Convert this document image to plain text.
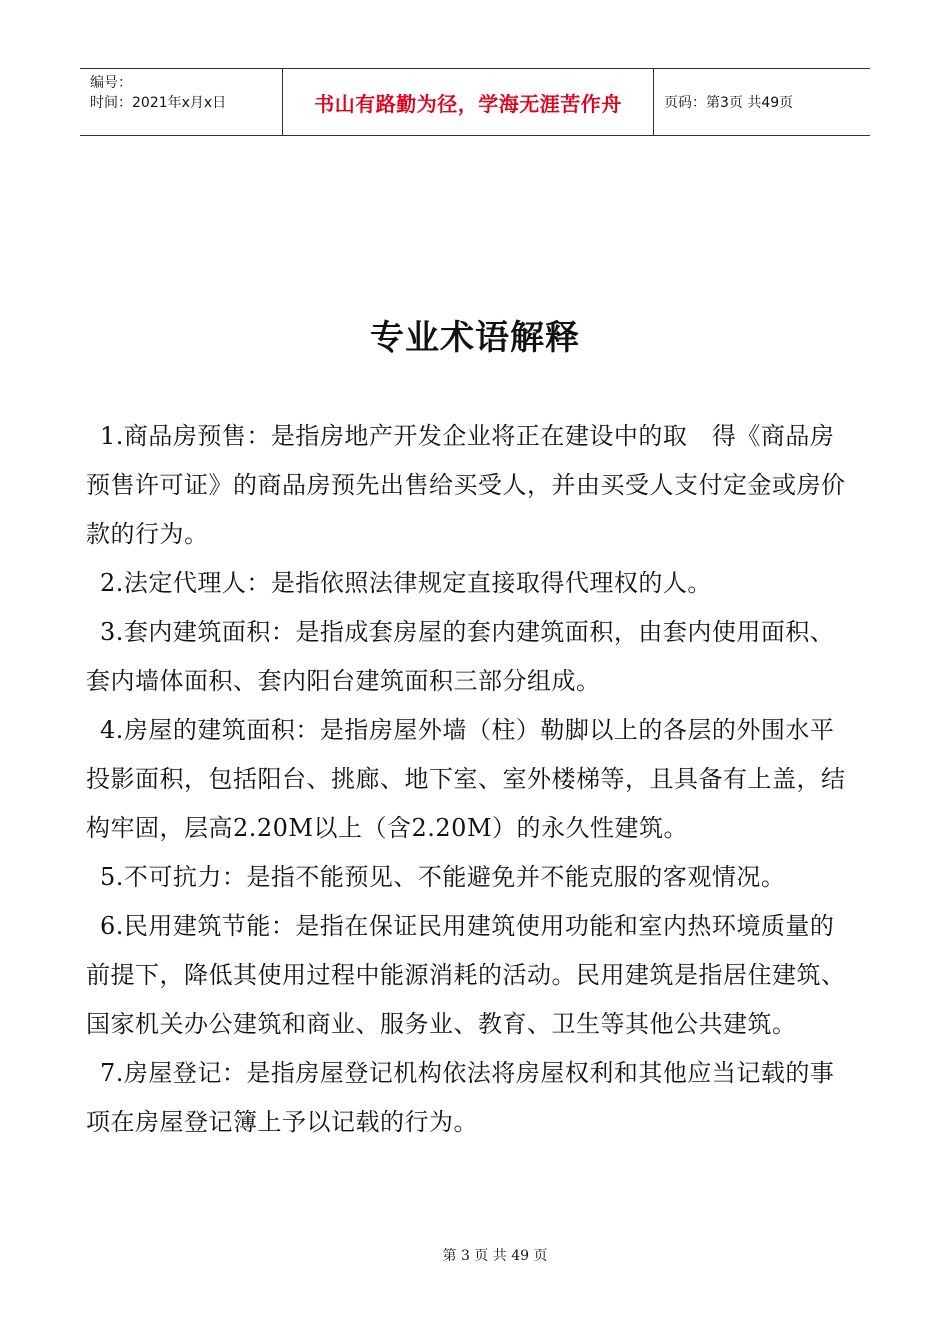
编号：
时间：2021年x月x日	书山有路勤为径，学海无涯苦作舟	页码：第3页 共49页
专业术语解释

1.商品房预售：是指房地产开发企业将正在建设中的取　得《商品房预售许可证》的商品房预先出售给买受人，并由买受人支付定金或房价款的行为。

2.法定代理人：是指依照法律规定直接取得代理权的人。

3.套内建筑面积：是指成套房屋的套内建筑面积，由套内使用面积、套内墙体面积、套内阳台建筑面积三部分组成。

4.房屋的建筑面积：是指房屋外墙（柱）勒脚以上的各层的外围水平投影面积，包括阳台、挑廊、地下室、室外楼梯等，且具备有上盖，结构牢固，层高2.20M以上（含2.20M）的永久性建筑。

5.不可抗力：是指不能预见、不能避免并不能克服的客观情况。

6.民用建筑节能：是指在保证民用建筑使用功能和室内热环境质量的前提下，降低其使用过程中能源消耗的活动。民用建筑是指居住建筑、国家机关办公建筑和商业、服务业、教育、卫生等其他公共建筑。

7.房屋登记：是指房屋登记机构依法将房屋权利和其他应当记载的事项在房屋登记簿上予以记载的行为。

第 3 页 共 49 页
